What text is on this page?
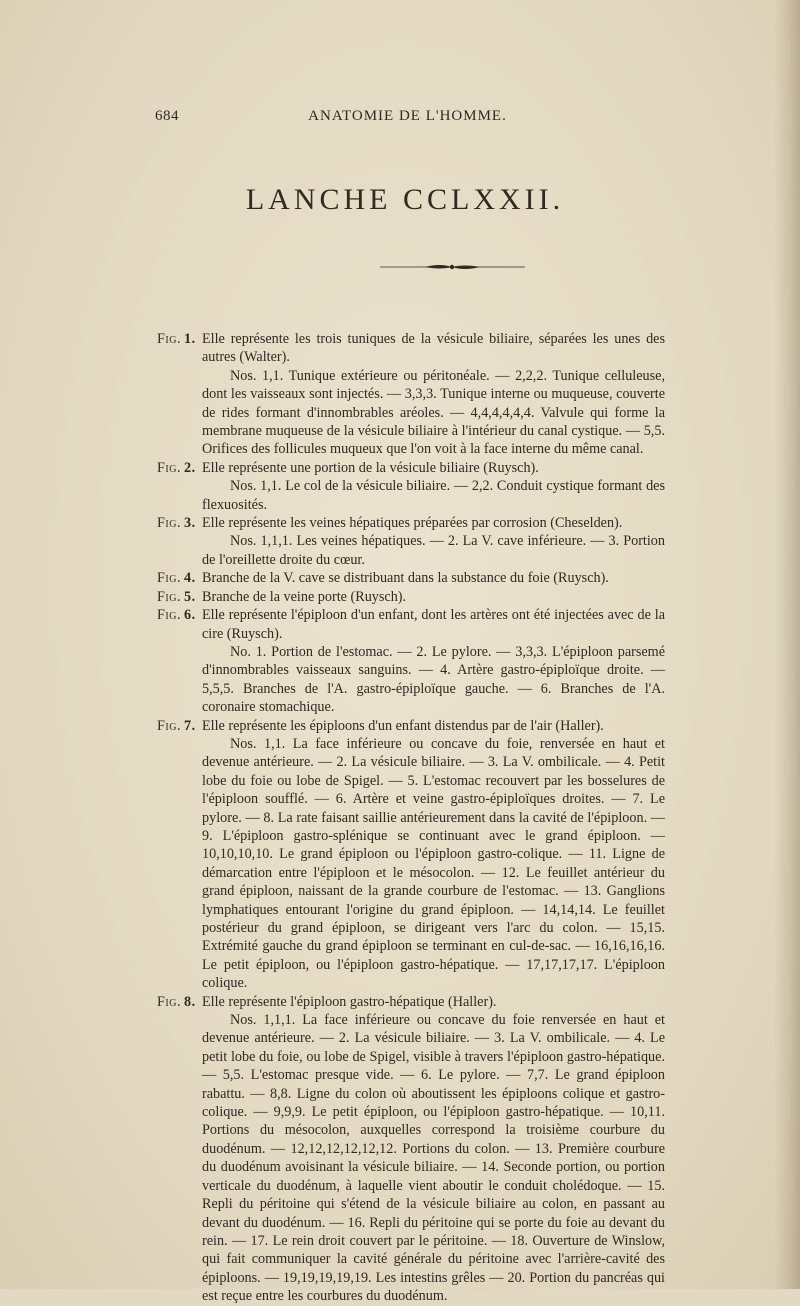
684	ANATOMIE DE L'HOMME.
LANCHE CCLXXII.
Fig. 1. Elle représente les trois tuniques de la vésicule biliaire, séparées les unes des autres (Walter).
Nos. 1,1. Tunique extérieure ou péritonéale. — 2,2,2. Tunique celluleuse, dont les vaisseaux sont injectés. — 3,3,3. Tunique interne ou muqueuse, couverte de rides formant d'innombrables aréoles. — 4,4,4,4,4,4. Valvule qui forme la membrane muqueuse de la vésicule biliaire à l'intérieur du canal cystique. — 5,5. Orifices des follicules muqueux que l'on voit à la face interne du même canal.
Fig. 2. Elle représente une portion de la vésicule biliaire (Ruysch).
Nos. 1,1. Le col de la vésicule biliaire. — 2,2. Conduit cystique formant des flexuosités.
Fig. 3. Elle représente les veines hépatiques préparées par corrosion (Cheselden).
Nos. 1,1,1. Les veines hépatiques. — 2. La V. cave inférieure. — 3. Portion de l'oreillette droite du cœur.
Fig. 4. Branche de la V. cave se distribuant dans la substance du foie (Ruysch).
Fig. 5. Branche de la veine porte (Ruysch).
Fig. 6. Elle représente l'épiploon d'un enfant, dont les artères ont été injectées avec de la cire (Ruysch).
No. 1. Portion de l'estomac. — 2. Le pylore. — 3,3,3. L'épiploon parsemé d'innombrables vaisseaux sanguins. — 4. Artère gastro-épiploïque droite. — 5,5,5. Branches de l'A. gastro-épiploïque gauche. — 6. Branches de l'A. coronaire stomachique.
Fig. 7. Elle représente les épiploons d'un enfant distendus par de l'air (Haller).
Nos. 1,1. La face inférieure ou concave du foie, renversée en haut et devenue antérieure. — 2. La vésicule biliaire. — 3. La V. ombilicale. — 4. Petit lobe du foie ou lobe de Spigel. — 5. L'estomac recouvert par les bosselures de l'épiploon soufflé. — 6. Artère et veine gastro-épiploïques droites. — 7. Le pylore. — 8. La rate faisant saillie antérieurement dans la cavité de l'épiploon. — 9. L'épiploon gastro-splénique se continuant avec le grand épiploon. — 10,10,10,10. Le grand épiploon ou l'épiploon gastro-colique. — 11. Ligne de démarcation entre l'épiploon et le mésocolon. — 12. Le feuillet antérieur du grand épiploon, naissant de la grande courbure de l'estomac. — 13. Ganglions lymphatiques entourant l'origine du grand épiploon. — 14,14,14. Le feuillet postérieur du grand épiploon, se dirigeant vers l'arc du colon. — 15,15. Extrémité gauche du grand épiploon se terminant en cul-de-sac. — 16,16,16,16. Le petit épiploon, ou l'épiploon gastro-hépatique. — 17,17,17,17. L'épiploon colique.
Fig. 8. Elle représente l'épiploon gastro-hépatique (Haller).
Nos. 1,1,1. La face inférieure ou concave du foie renversée en haut et devenue antérieure. — 2. La vésicule biliaire. — 3. La V. ombilicale. — 4. Le petit lobe du foie, ou lobe de Spigel, visible à travers l'épiploon gastro-hépatique. — 5,5. L'estomac presque vide. — 6. Le pylore. — 7,7. Le grand épiploon rabattu. — 8,8. Ligne du colon où aboutissent les épiploons colique et gastro-colique. — 9,9,9. Le petit épiploon, ou l'épiploon gastro-hépatique. — 10,11. Portions du mésocolon, auxquelles correspond la troisième courbure du duodénum. — 12,12,12,12,12,12. Portions du colon. — 13. Première courbure du duodénum avoisinant la vésicule biliaire. — 14. Seconde portion, ou portion verticale du duodénum, à laquelle vient aboutir le conduit cholédoque. — 15. Repli du péritoine qui s'étend de la vésicule biliaire au colon, en passant au devant du duodénum. — 16. Repli du péritoine qui se porte du foie au devant du rein. — 17. Le rein droit couvert par le péritoine. — 18. Ouverture de Winslow, qui fait communiquer la cavité générale du péritoine avec l'arrière-cavité des épiploons. — 19,19,19,19,19. Les intestins grêles — 20. Portion du pancréas qui est reçue entre les courbures du duodénum.
